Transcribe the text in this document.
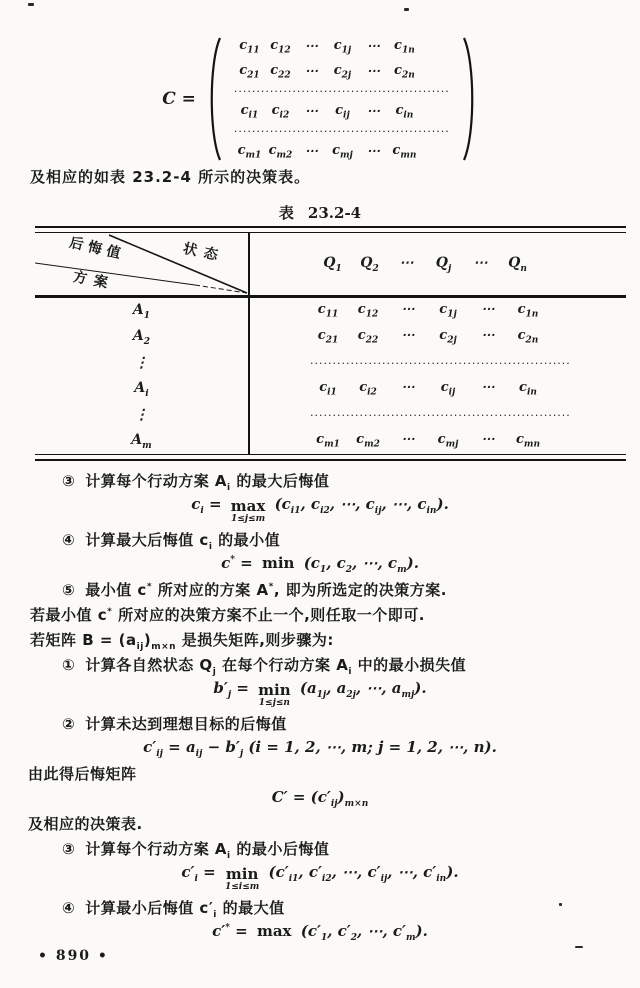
C =
$c_{11}$ $c_{12}$	⋯	$c_{1j}$	⋯	$c_{1n}$
$c_{21}$ $c_{22}$	⋯	$c_{2j}$	⋯	$c_{2n}$
················································
$c_{i1}$	$c_{i2}$	⋯	$c_{ij}$	⋯	$c_{in}$
················································
$c_{m1}$ $c_{m2}$ ⋯	$c_{mj}$	⋯ $c_{mn}$
及相应的如表 23.2-4 所示的决策表。
表 23.2-4
后悔值	状态
方案
$Q_1$	$Q_2$	⋯	$Q_j$	⋯	$Q_n$
$A_1$	$c_{11}$	$c_{12}$	⋯	$c_{1j}$	⋯	$c_{1n}$
$A_2$	$c_{21}$	$c_{22}$	⋯	$c_{2j}$	⋯	$c_{2n}$
⋮	··························································
$A_i$	$c_{i1}$	$c_{i2}$	⋯	$c_{ij}$	⋯	$c_{in}$
⋮	··························································
$A_m$	$c_{m1}$	$c_{m2}$	⋯	$c_{mj}$	⋯	$c_{mn}$
③ 计算每个行动方案 $A_i$ 的最大后悔值
$c_i = \max$
1≤j≤m
($c_{i1}$, $c_{i2}$, ⋯, $c_{ij}$, ⋯, $c_{in}$).
④ 计算最大后悔值 $c_i$ 的最小值
$c^* = \min (c_1$, $c_2$, ⋯, $c_m$).
⑤ 最小值 c* 所对应的方案 A*, 即为所选定的决策方案.
若最小值 c* 所对应的决策方案不止一个,则任取一个即可.
若矩阵 $B = (a_{ij})_{m\times n}$ 是损失矩阵,则步骤为:
① 计算各自然状态 $Q_j$ 在每个行动方案 $A_i$ 中的最小损失值
$b'_j = \min$
1≤j≤n
($a_{1j}$, $a_{2j}$, ⋯, $a_{mj}$).
② 计算未达到理想目标的后悔值
$c'_{ij} = a_{ij} - b'_j$ (i = 1, 2, ⋯, m; j = 1, 2, ⋯, n).
由此得后悔矩阵
$C' = (c'_{ij})_{m\times n}$
及相应的决策表.
③ 计算每个行动方案 $A_i$ 的最小后悔值
$c'_i = \min$
1≤i≤m
($c'_{i1}$, $c'_{i2}$, ⋯, $c'_{ij}$, ⋯, $c'_{in}$).
④ 计算最小后悔值 $c'_i$ 的最大值
$c'^* = \max (c'_1$, $c'_2$, ⋯, $c'_m$).
• 890 •
